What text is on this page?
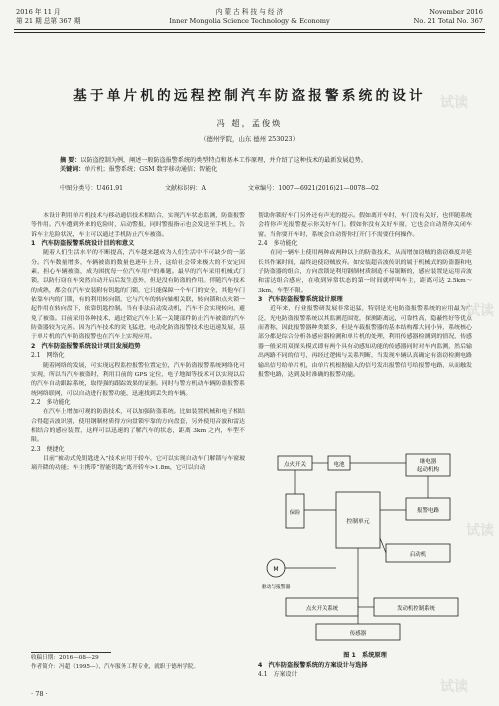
2016 年 11 月
第 21 期 总第 367 期
内 蒙 古 科 技 与 经 济
Inner Mongolia Science Technology & Economy
November 2016
No. 21 Total No. 367
基于单片机的远程控制汽车防盗报警系统的设计
冯 超，孟俊焕
（德州学院，山东 德州 253023）
摘 要：以防盗控制为例，阐述一般防盗报警系统的类型特点和基本工作原理，并介绍了这种技术的最新发展趋势。
关键词：单片机；报警系统；GSM 数字移动通信；智能化
中图分类号：U461.91	文献标识码：A	文章编号：1007—6921(2016)21—0078—02

本设计利用单片机技术与移动通信技术相结合，实现汽车状态监测，防盗报警等作用。汽车遭到外来的危险时，启动警报，同时警报指示也会发送至手机上，告诉车主危险状况，车主可以通过手机防止汽车被盗。

1　汽车防盗报警系统设计目的和意义

随着人们生活水平的不断提高，汽车越来越成为人们生活中不可缺少的一部分。汽车数量增多，车辆被盗的数量也逐年上升，这给社会带来极大的不安定因素，担心车辆被盗，成为困扰每一位汽车用户的难题。最早的汽车采用机械式门锁，以防行窃在车突然自动开启后发生意外，但是没有防盗的作用。伴随汽车技术的成熟，都会在汽车安装附有钥匙的门锁，它只能保障一个车门的安全，其他车门依靠车内的门锁，有的利用转向锁，它与汽车的转向轴相关联，转向锁和点火锁一起作用在转向盘下，依靠钥匙控制。当有非法启动发动机，汽车不会实现转向，避免了被盗。目前采用各种技术，通过锁定汽车上某一关键部件防止汽车被盗的汽车防盗器较为完善。因为汽车技术的突飞猛进，电动化防盗报警技术也迅速发展，基于单片机的汽车防盗报警也在汽车上实现应用。

2　汽车防盗报警系统设计项目发展趋势
2.1　网络化

随着网络的发展，可实现远程监控报警位置定位，汽车防盗报警系统网络化可实现，所以当汽车被盗时，利用目前的 GPS 定位，电子地图等技术可以实现以后的汽车自动跟踪系统，取得强的跟踪效果的证据。同时与警方机动车辆防盗报警系统网络联网，可以自动进行报警功能，迅速找到丢失的车辆。

2.2　多功能化

在汽车上增加可观的防盗技术，可以加强防盗系统。比如装置机械和电子相结合得超音波识别，使用钢制材质得方向盘锁牢靠的方向盘套，另外使用音波和雷达相结合的感应装置，这样可以迅速的了解汽车的状态，距离 3km 之内，车型不限。

2.3　便捷化

目前“被动式免钥匙进入”技术应用于轿车，它可以实现自动车门解锁与车窗玻璃升降的功能；车主携带“智能钥匙”离开轿车>1.8m，它可以自动

帮助你锁好车门另外还有声光的提示。假如离开车时，车门没有关好，也伴随系统会将你声光报警提示你关好车门。假如你没有关好车窗，它也会自动帮你关闭车窗。当你要开车时，系统会自动帮你打开门不需要任何操作。

2.4　多功能化

在同一辆车上使用两种或两种以上的防盗技术，从而增加窃贼的盗窃难度并延长其作案时间，最终迫使窃贼放弃。如安装超音波传讯的属于机械式的防盗器和电子防盗器的组合，方向盘锁是利用钢制材质制造不易锯断的，感应装置是运用音波和雷达组合感应，在收到异常状态的第一时间就呼叫车主，距离可达 2.5km～3km，车型不限。

3　汽车防盗报警系统设计原理

近年来，行业报警研发展非常迅猛，特别是光电防盗报警系统的应用最为广泛，光电防盗报警系统以其监测范围宽，探测距离远，可靠性高，隐蔽性好等优点而著称，因此报警器种类繁多，但是车载报警器的基本结构都大同小异，系统核心部分都是综合分析各感应器检测和单片机的处理，利用传感器检测到的情况，传感器一般采用双探头模式即有两个具有动感知功能的传感器同时对车内监测，然后输出两路不同的信号，再经过逻辑与关系判断，当发现车辆认真确定有盗窃检测电路输出信号给单片机，由单片机根据输入的信号发出报警信号给报警电路，从而触发报警电路，达到及时准确的报警功能。

点火开关	电池	继电器
起动机构
保险
控制单元
报警电路
M
驱动与报警器
启动机
点火开关系统	发动机控制系统
传感器
图 1　系统原理
4　汽车防盗报警系统的方案设计与选择
4.1　方案设计
收稿日期：2016—08—29
作者简介：冯超（1995—），汽车服务工程专业，就职于德州学院。
· 78 ·
试读
试读
试读
试读
